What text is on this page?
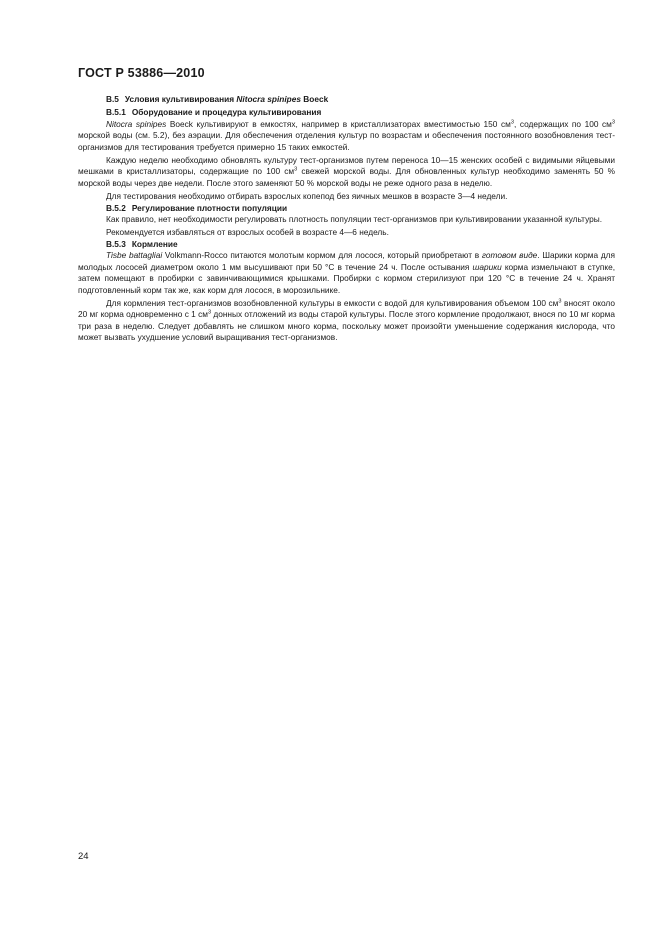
ГОСТ Р 53886—2010

B.5 Условия культивирования Nitocra spinipes Boeck

B.5.1 Оборудование и процедура культивирования

Nitocra spinipes Boeck культивируют в емкостях, например в кристаллизаторах вместимостью 150 $см^3$, содержащих по 100 $см^3$ морской воды (см. 5.2), без аэрации. Для обеспечения отделения культур по возрастам и обеспечения постоянного возобновления тест-организмов для тестирования требуется примерно 15 таких емкостей.

Каждую неделю необходимо обновлять культуру тест-организмов путем переноса 10—15 женских особей с видимыми яйцевыми мешками в кристаллизаторы, содержащие по 100 $см^3$ свежей морской воды. Для обновленных культур необходимо заменять 50 % морской воды через две недели. После этого заменяют 50 % морской воды не реже одного раза в неделю.

Для тестирования необходимо отбирать взрослых копепод без яичных мешков в возрасте 3—4 недели.

B.5.2 Регулирование плотности популяции

Как правило, нет необходимости регулировать плотность популяции тест-организмов при культивировании указанной культуры.

Рекомендуется избавляться от взрослых особей в возрасте 4—6 недель.

B.5.3 Кормление

Tisbe battagliai Volkmann-Rocco питаются молотым кормом для лосося, который приобретают в готовом виде. Шарики корма для молодых лососей диаметром около 1 мм высушивают при 50 °С в течение 24 ч. После остывания шарики корма измельчают в ступке, затем помещают в пробирки с завинчивающимися крышками. Пробирки с кормом стерилизуют при 120 °С в течение 24 ч. Хранят подготовленный корм так же, как корм для лосося, в морозильнике.

Для кормления тест-организмов возобновленной культуры в емкости с водой для культивирования объемом 100 $см^3$ вносят около 20 мг корма одновременно с 1 $см^3$ донных отложений из воды старой культуры. После этого кормление продолжают, внося по 10 мг корма три раза в неделю. Следует добавлять не слишком много корма, поскольку может произойти уменьшение содержания кислорода, что может вызвать ухудшение условий выращивания тест-организмов.

24
